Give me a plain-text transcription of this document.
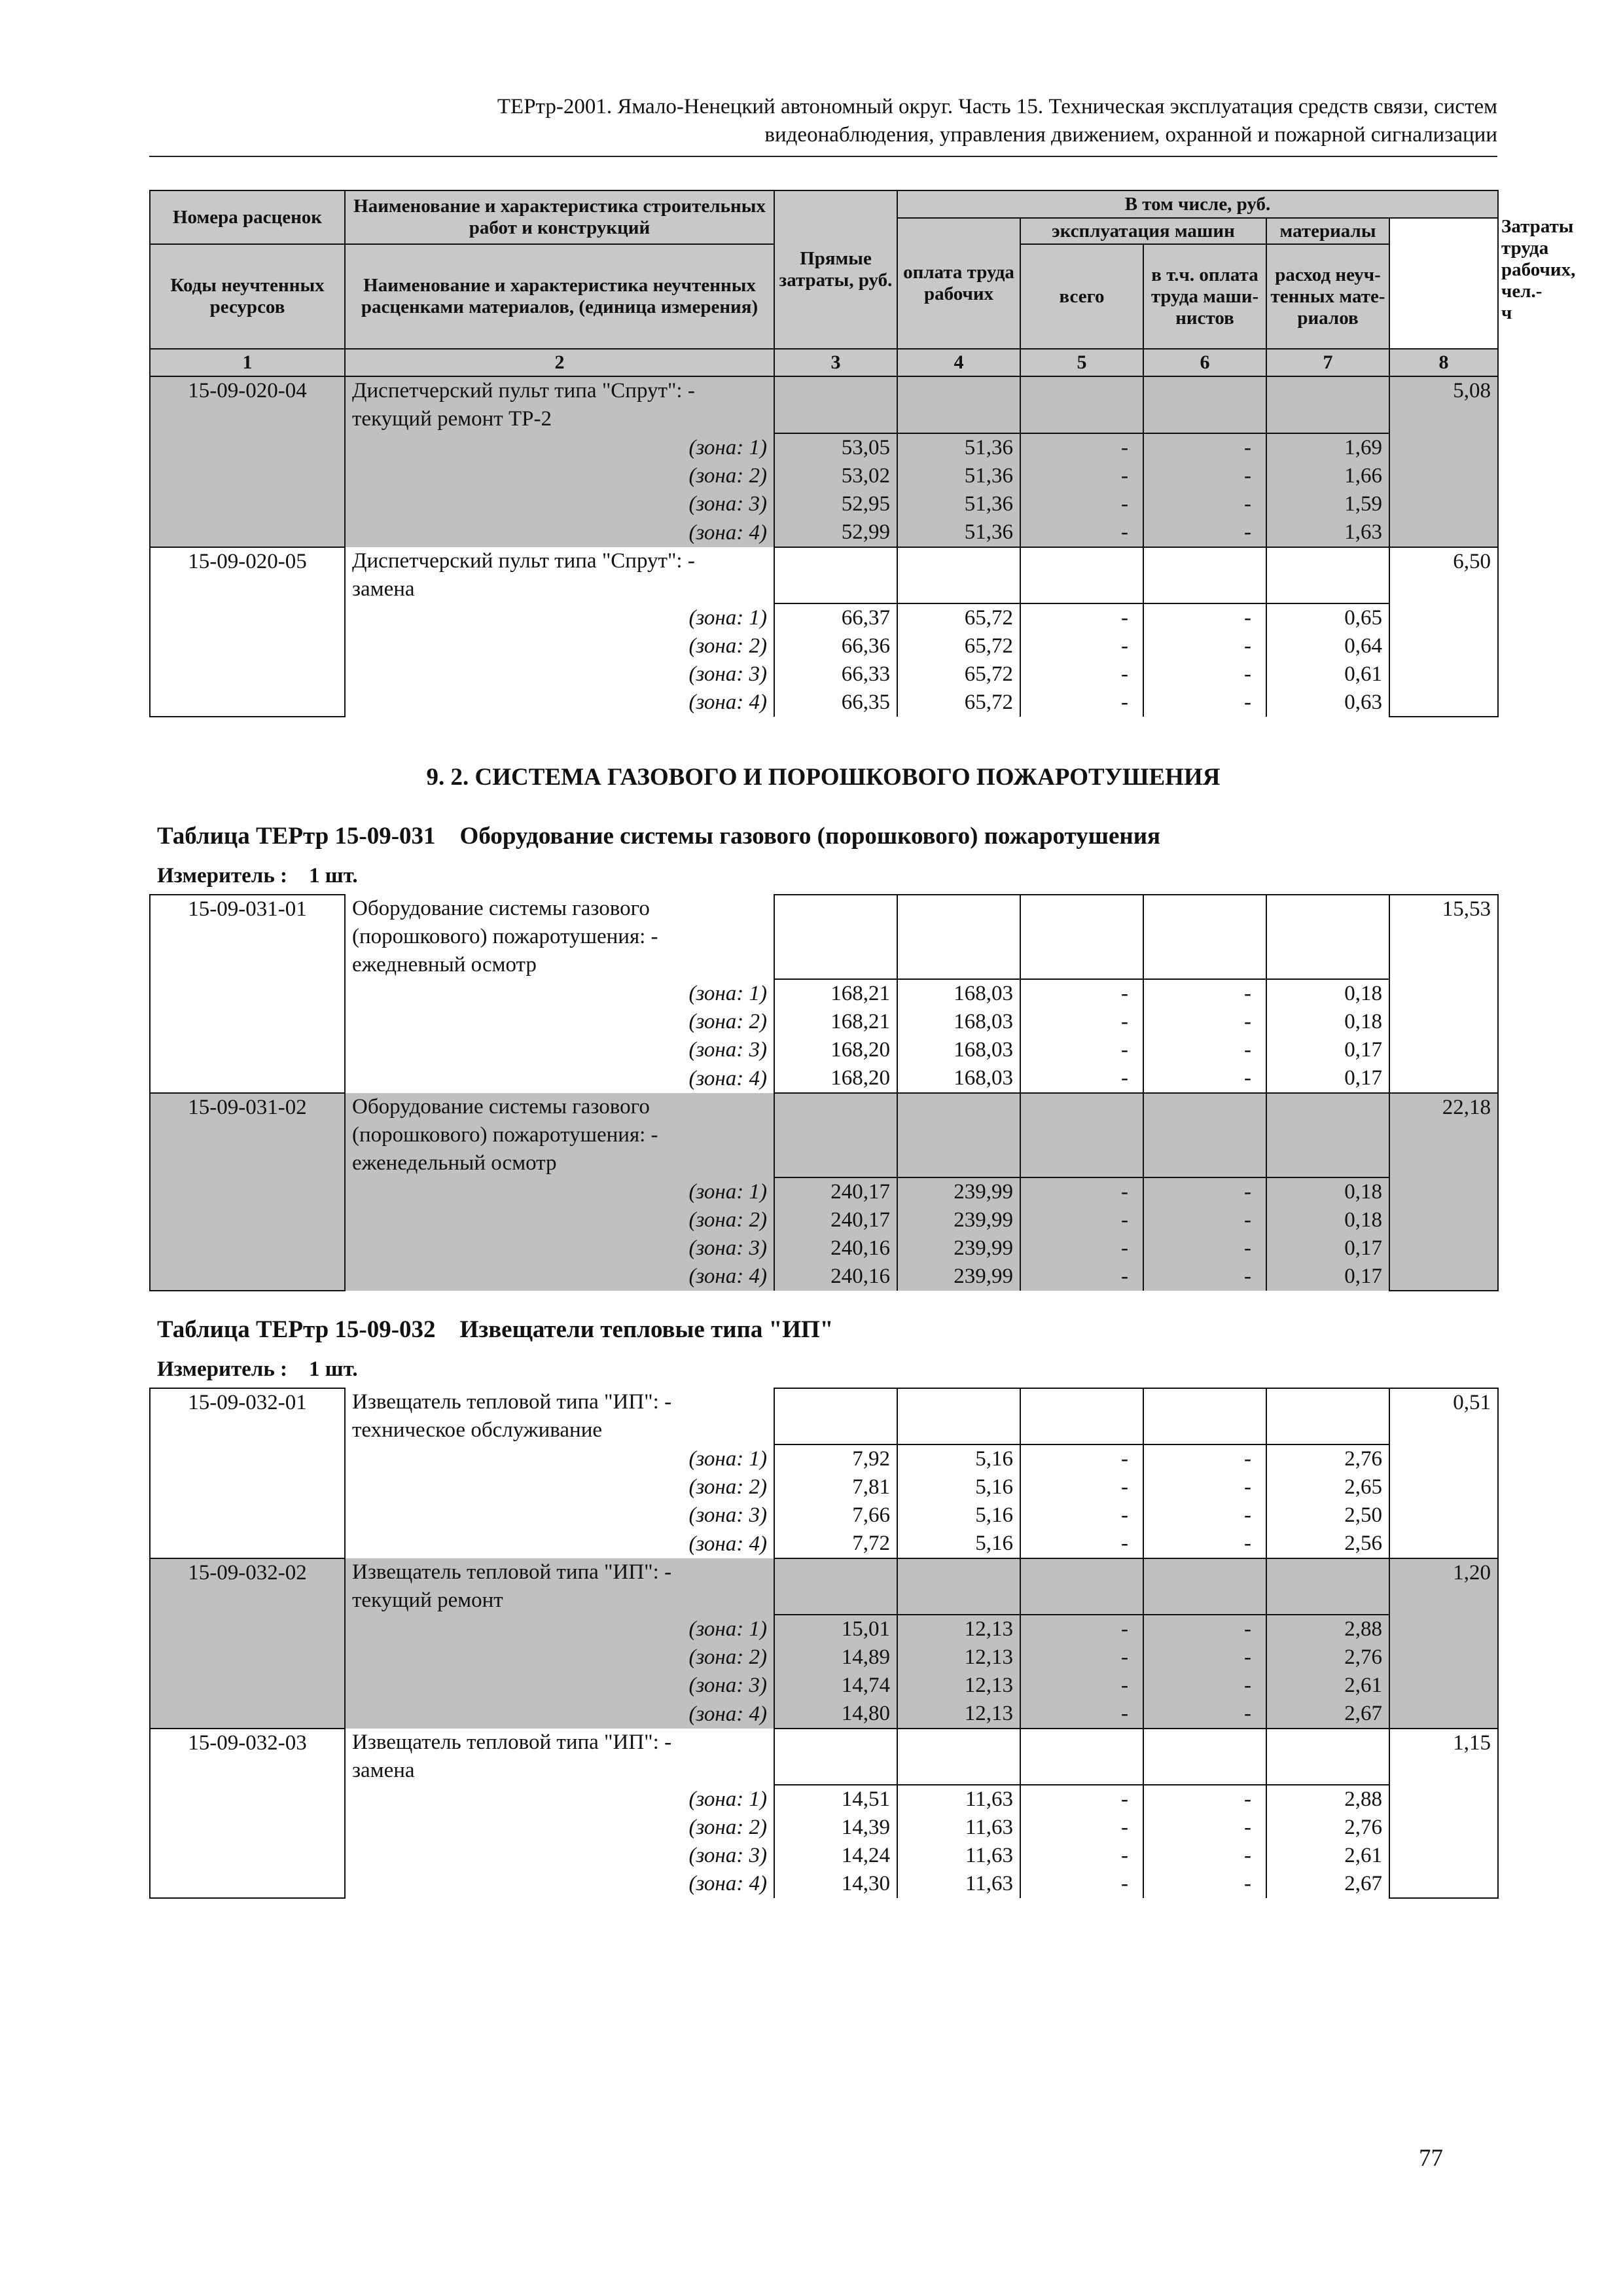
ТЕРтр-2001. Ямало-Ненецкий автономный округ. Часть 15. Техническая эксплуатация средств связи, систем
видеонаблюдения, управления движением, охранной и пожарной сигнализации
Номера расценок	Наименование и характеристика строительных работ и конструкций	Прямые затраты, руб.	В том числе, руб.					Затраты труда рабочих, чел.-ч
			оплата труда рабочих	эксплуатация машин		материалы		
Коды неучтенных ресурсов	Наименование и характеристика неучтенных расценками материалов, (единица измерения)			всего	в т.ч. оплата труда маши-нистов	расход неуч-тенных мате-риалов		

1	2	3	4	5	6	7	8	
15-09-020-04	Диспетчерский пульт типа "Спрут": -						5,08	
	текущий ремонт ТР-2							
	(зона: 1)	53,05	51,36	-	-	1,69		
	(зона: 2)	53,02	51,36	-	-	1,66		
	(зона: 3)	52,95	51,36	-	-	1,59		
	(зона: 4)	52,99	51,36	-	-	1,63		
15-09-020-05	Диспетчерский пульт типа "Спрут": -						6,50	
	замена							
	(зона: 1)	66,37	65,72	-	-	0,65		
	(зона: 2)	66,36	65,72	-	-	0,64		
	(зона: 3)	66,33	65,72	-	-	0,61		
	(зона: 4)	66,35	65,72	-	-	0,63		
9. 2. СИСТЕМА ГАЗОВОГО И ПОРОШКОВОГО ПОЖАРОТУШЕНИЯ
Таблица ТЕРтр 15-09-031 Оборудование системы газового (порошкового) пожаротушения
Измеритель : 1 шт.
15-09-031-01	Оборудование системы газового						15,53
	(порошкового) пожаротушения: -						
	ежедневный осмотр						
	(зона: 1)	168,21	168,03	-	-	0,18	
	(зона: 2)	168,21	168,03	-	-	0,18	
	(зона: 3)	168,20	168,03	-	-	0,17	
	(зона: 4)	168,20	168,03	-	-	0,17	
15-09-031-02	Оборудование системы газового						22,18
	(порошкового) пожаротушения: -						
	еженедельный осмотр						
	(зона: 1)	240,17	239,99	-	-	0,18	
	(зона: 2)	240,17	239,99	-	-	0,18	
	(зона: 3)	240,16	239,99	-	-	0,17	
	(зона: 4)	240,16	239,99	-	-	0,17	
Таблица ТЕРтр 15-09-032 Извещатели тепловые типа "ИП"
Измеритель : 1 шт.
15-09-032-01	Извещатель тепловой типа "ИП": -						0,51
	техническое обслуживание						
	(зона: 1)	7,92	5,16	-	-	2,76	
	(зона: 2)	7,81	5,16	-	-	2,65	
	(зона: 3)	7,66	5,16	-	-	2,50	
	(зона: 4)	7,72	5,16	-	-	2,56	
15-09-032-02	Извещатель тепловой типа "ИП": -						1,20
	текущий ремонт						
	(зона: 1)	15,01	12,13	-	-	2,88	
	(зона: 2)	14,89	12,13	-	-	2,76	
	(зона: 3)	14,74	12,13	-	-	2,61	
	(зона: 4)	14,80	12,13	-	-	2,67	
15-09-032-03	Извещатель тепловой типа "ИП": -						1,15
	замена						
	(зона: 1)	14,51	11,63	-	-	2,88	
	(зона: 2)	14,39	11,63	-	-	2,76	
	(зона: 3)	14,24	11,63	-	-	2,61	
	(зона: 4)	14,30	11,63	-	-	2,67	
77
